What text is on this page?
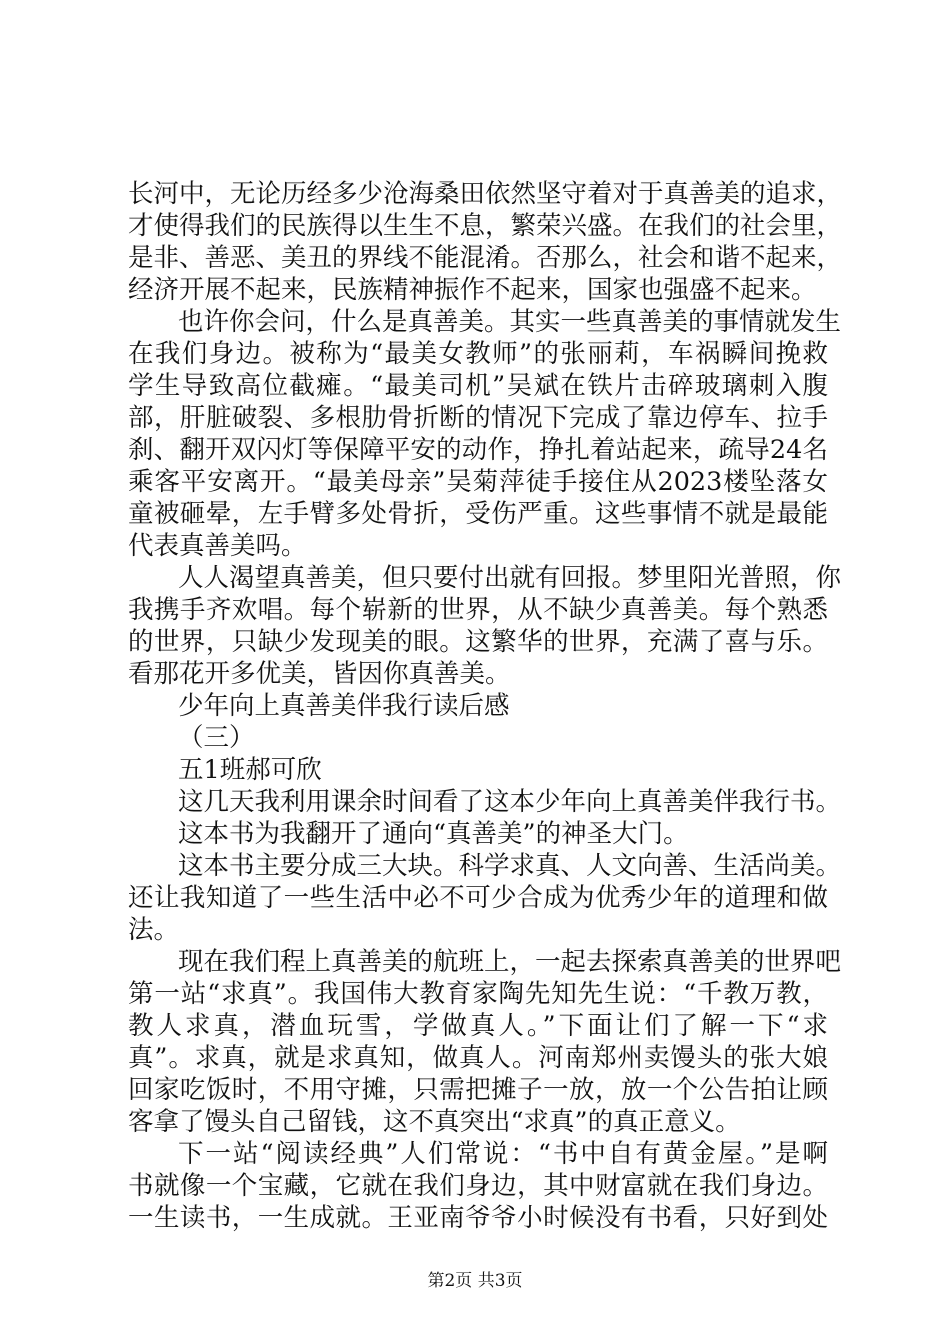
长河中，无论历经多少沧海桑田依然坚守着对于真善美的追求，
才使得我们的民族得以生生不息，繁荣兴盛。在我们的社会里，
是非、善恶、美丑的界线不能混淆。否那么，社会和谐不起来，
经济开展不起来，民族精神振作不起来，国家也强盛不起来。
也许你会问，什么是真善美。其实一些真善美的事情就发生
在我们身边。被称为“最美女教师”的张丽莉，车祸瞬间挽救
学生导致高位截瘫。“最美司机”吴斌在铁片击碎玻璃刺入腹
部，肝脏破裂、多根肋骨折断的情况下完成了靠边停车、拉手
刹、翻开双闪灯等保障平安的动作，挣扎着站起来，疏导24名
乘客平安离开。“最美母亲”吴菊萍徒手接住从2023楼坠落女
童被砸晕，左手臂多处骨折，受伤严重。这些事情不就是最能
代表真善美吗。
人人渴望真善美，但只要付出就有回报。梦里阳光普照，你
我携手齐欢唱。每个崭新的世界，从不缺少真善美。每个熟悉
的世界，只缺少发现美的眼。这繁华的世界，充满了喜与乐。
看那花开多优美，皆因你真善美。
少年向上真善美伴我行读后感
（三）
五1班郝可欣
这几天我利用课余时间看了这本少年向上真善美伴我行书。
这本书为我翻开了通向“真善美”的神圣大门。
这本书主要分成三大块。科学求真、人文向善、生活尚美。
还让我知道了一些生活中必不可少合成为优秀少年的道理和做
法。
现在我们程上真善美的航班上，一起去探索真善美的世界吧
第一站“求真”。我国伟大教育家陶先知先生说：“千教万教，
教人求真，潜血玩雪，学做真人。”下面让们了解一下“求
真”。求真，就是求真知，做真人。河南郑州卖馒头的张大娘
回家吃饭时，不用守摊，只需把摊子一放，放一个公告拍让顾
客拿了馒头自己留钱，这不真突出“求真”的真正意义。
下一站“阅读经典”人们常说：“书中自有黄金屋。”是啊
书就像一个宝藏，它就在我们身边，其中财富就在我们身边。
一生读书，一生成就。王亚南爷爷小时候没有书看，只好到处
第2页 共3页
